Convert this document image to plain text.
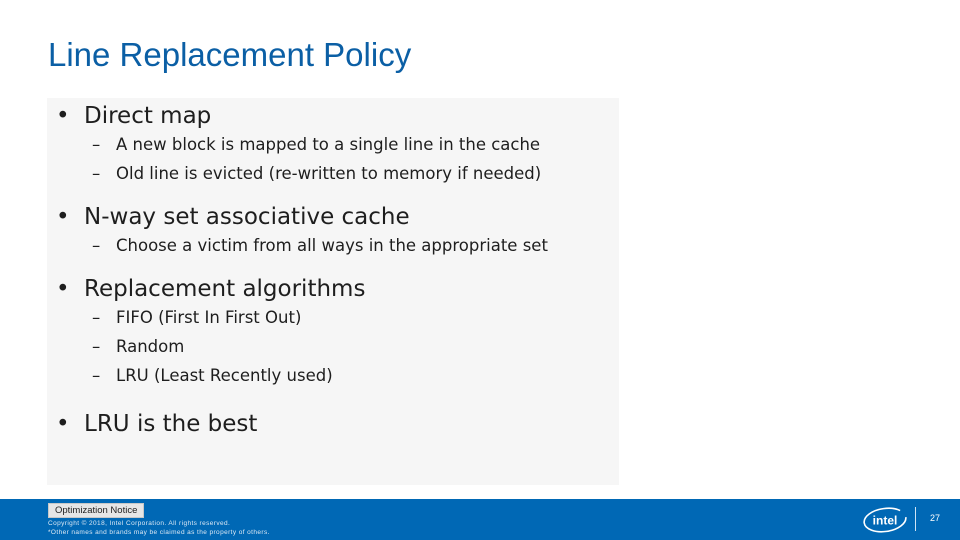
Line Replacement Policy
• Direct map
– A new block is mapped to a single line in the cache
– Old line is evicted (re-written to memory if needed)
• N-way set associative cache
– Choose a victim from all ways in the appropriate set
• Replacement algorithms
– FIFO (First In First Out)
– Random
– LRU (Least Recently used)
• LRU is the best
Optimization Notice
Copyright © 2018, Intel Corporation. All rights reserved.
*Other names and brands may be claimed as the property of others.
intel	27
